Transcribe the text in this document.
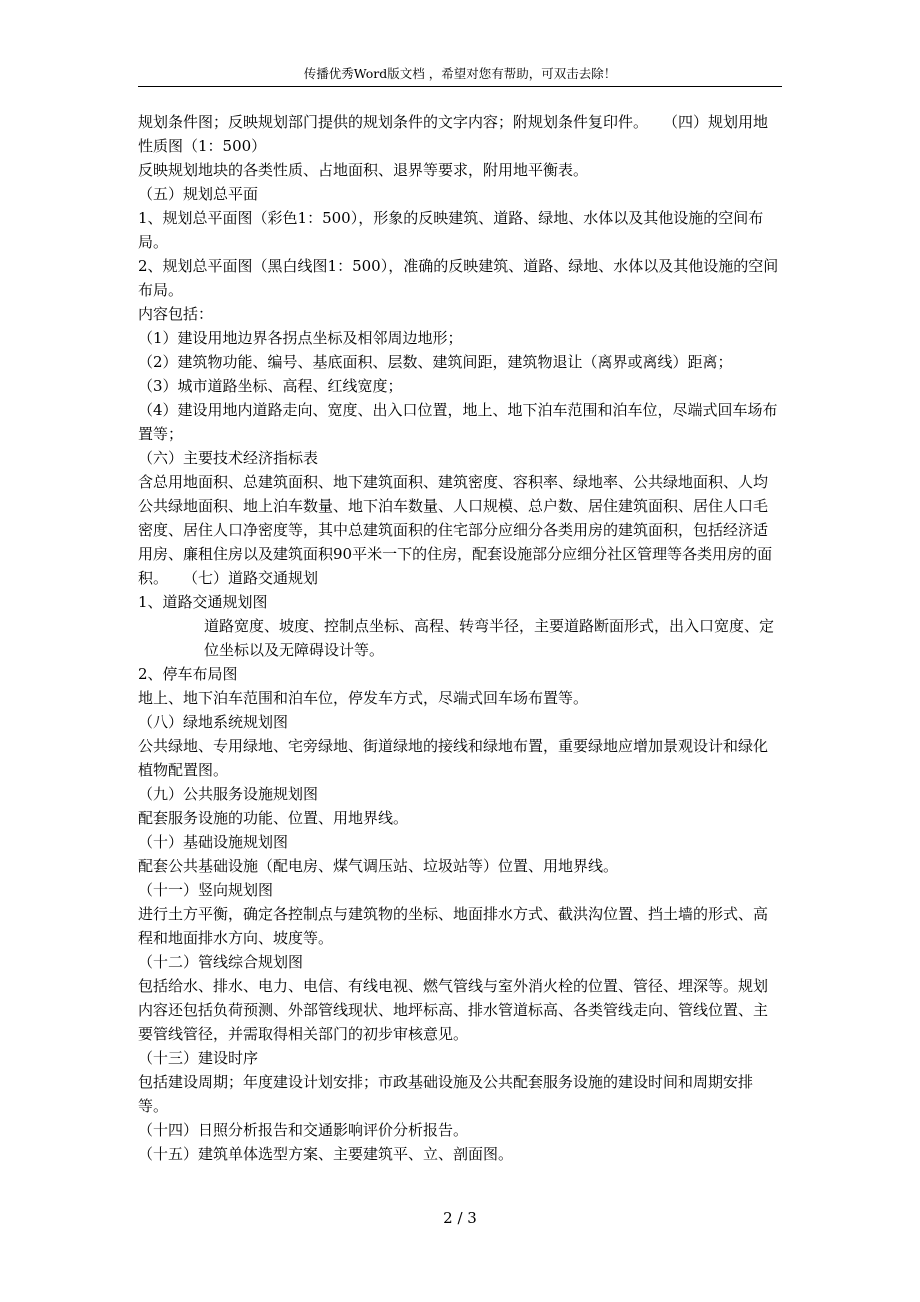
传播优秀Word版文档 ，希望对您有帮助，可双击去除！

规划条件图；反映规划部门提供的规划条件的文字内容；附规划条件复印件。　　（四）规划用地性质图（1：500）

反映规划地块的各类性质、占地面积、退界等要求，附用地平衡表。

（五）规划总平面

1、规划总平面图（彩色1：500），形象的反映建筑、道路、绿地、水体以及其他设施的空间布局。

2、规划总平面图（黑白线图1：500），准确的反映建筑、道路、绿地、水体以及其他设施的空间布局。

内容包括：

（1）建设用地边界各拐点坐标及相邻周边地形；

（2）建筑物功能、编号、基底面积、层数、建筑间距，建筑物退让（离界或离线）距离；

（3）城市道路坐标、高程、红线宽度；

（4）建设用地内道路走向、宽度、出入口位置，地上、地下泊车范围和泊车位，尽端式回车场布置等；

（六）主要技术经济指标表

含总用地面积、总建筑面积、地下建筑面积、建筑密度、容积率、绿地率、公共绿地面积、人均公共绿地面积、地上泊车数量、地下泊车数量、人口规模、总户数、居住建筑面积、居住人口毛密度、居住人口净密度等，其中总建筑面积的住宅部分应细分各类用房的建筑面积，包括经济适用房、廉租住房以及建筑面积90平米一下的住房，配套设施部分应细分社区管理等各类用房的面积。　　（七）道路交通规划

1、道路交通规划图

道路宽度、坡度、控制点坐标、高程、转弯半径，主要道路断面形式，出入口宽度、定位坐标以及无障碍设计等。

2、停车布局图

地上、地下泊车范围和泊车位，停发车方式，尽端式回车场布置等。

（八）绿地系统规划图

公共绿地、专用绿地、宅旁绿地、街道绿地的接线和绿地布置，重要绿地应增加景观设计和绿化植物配置图。

（九）公共服务设施规划图

配套服务设施的功能、位置、用地界线。

（十）基础设施规划图

配套公共基础设施（配电房、煤气调压站、垃圾站等）位置、用地界线。

（十一）竖向规划图

进行土方平衡，确定各控制点与建筑物的坐标、地面排水方式、截洪沟位置、挡土墙的形式、高程和地面排水方向、坡度等。

（十二）管线综合规划图

包括给水、排水、电力、电信、有线电视、燃气管线与室外消火栓的位置、管径、埋深等。规划内容还包括负荷预测、外部管线现状、地坪标高、排水管道标高、各类管线走向、管线位置、主要管线管径，并需取得相关部门的初步审核意见。

（十三）建设时序

包括建设周期；年度建设计划安排；市政基础设施及公共配套服务设施的建设时间和周期安排等。

（十四）日照分析报告和交通影响评价分析报告。

（十五）建筑单体选型方案、主要建筑平、立、剖面图。

2 / 3
